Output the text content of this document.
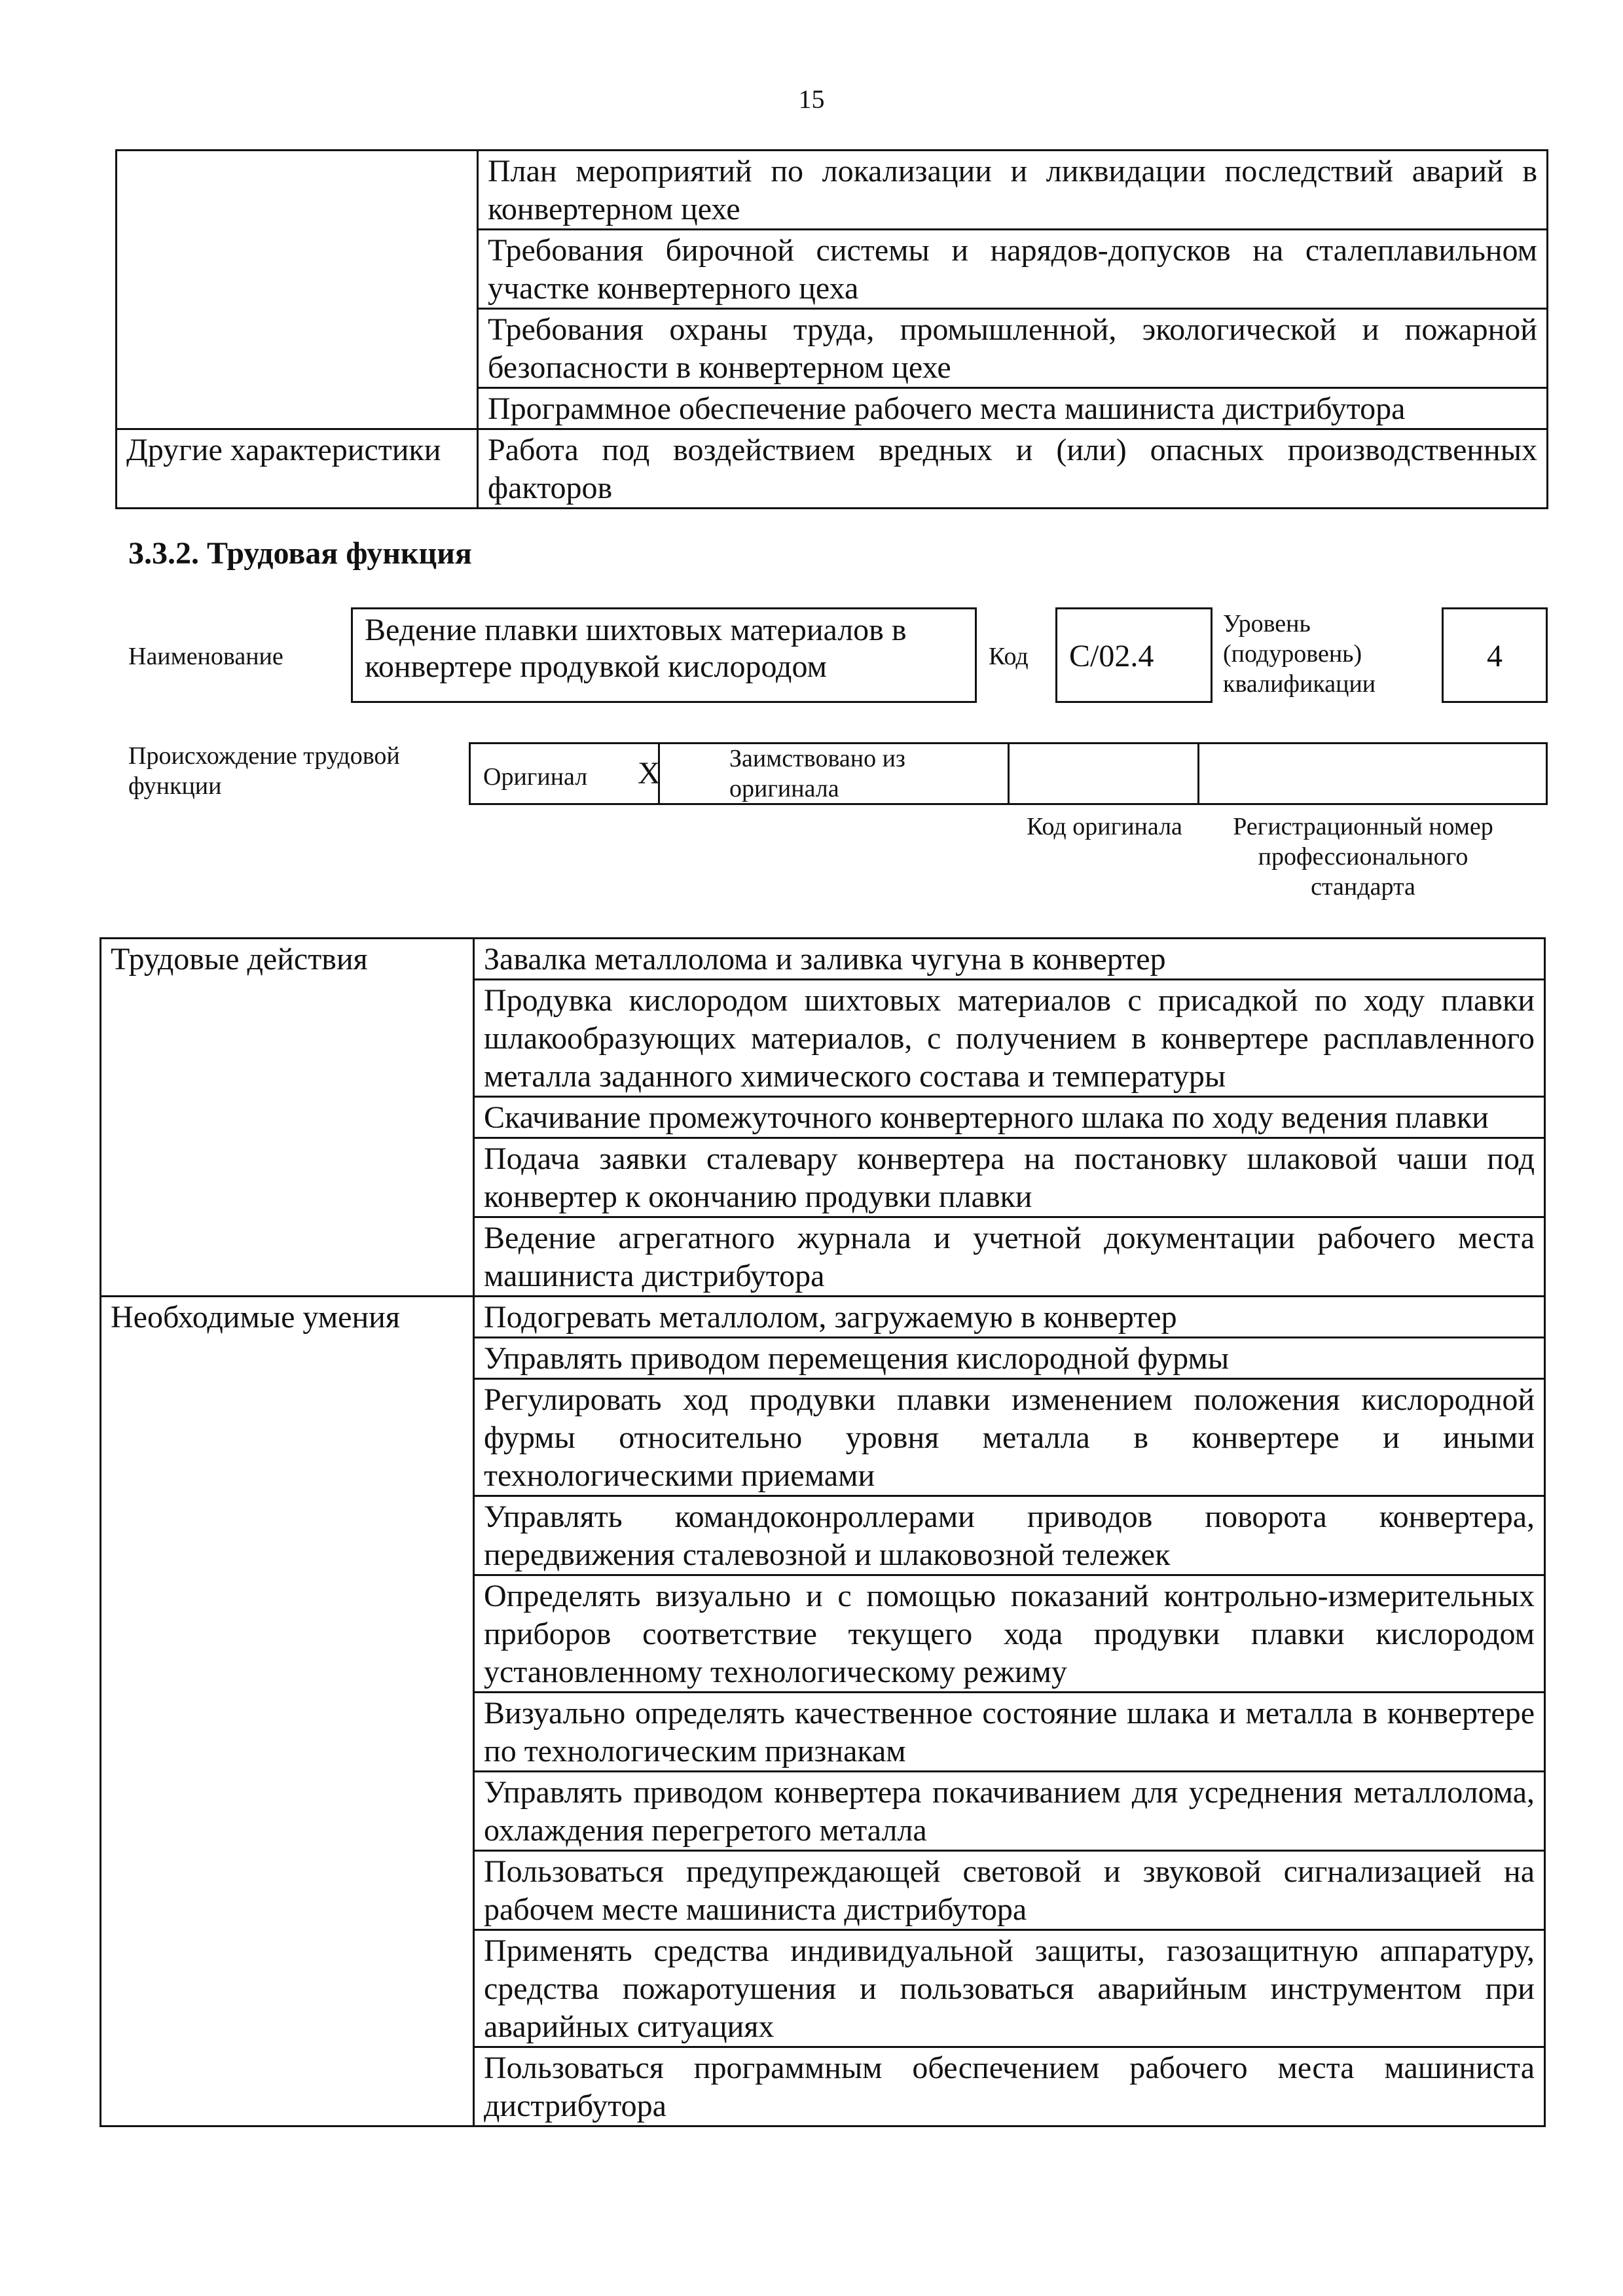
15
	План мероприятий по локализации и ликвидации последствий аварий в конвертерном цехе
	Требования бирочной системы и нарядов-допусков на сталеплавильном участке конвертерного цеха
	Требования охраны труда, промышленной, экологической и пожарной безопасности в конвертерном цехе
	Программное обеспечение рабочего места машиниста дистрибутора
Другие характеристики	Работа под воздействием вредных и (или) опасных производственных факторов
3.3.2. Трудовая функция
Наименование
Ведение плавки шихтовых материалов в конвертере продувкой кислородом	Код	C/02.4
Уровень (подуровень) квалификации
4
Происхождение трудовой функции	Оригинал X	Заимствовано из оригинала
Код оригинала	Регистрационный номер профессионального стандарта
Трудовые действия	Завалка металлолома и заливка чугуна в конвертер
	Продувка кислородом шихтовых материалов с присадкой по ходу плавки шлакообразующих материалов, с получением в конвертере расплавленного металла заданного химического состава и температуры
	Скачивание промежуточного конвертерного шлака по ходу ведения плавки
	Подача заявки сталевару конвертера на постановку шлаковой чаши под конвертер к окончанию продувки плавки
	Ведение агрегатного журнала и учетной документации рабочего места машиниста дистрибутора
Необходимые умения	Подогревать металлолом, загружаемую в конвертер
	Управлять приводом перемещения кислородной фурмы
	Регулировать ход продувки плавки изменением положения кислородной фурмы относительно уровня металла в конвертере и иными технологическими приемами
	Управлять командоконроллерами приводов поворота конвертера, передвижения сталевозной и шлаковозной тележек
	Определять визуально и с помощью показаний контрольно-измерительных приборов соответствие текущего хода продувки плавки кислородом установленному технологическому режиму
	Визуально определять качественное состояние шлака и металла в конвертере по технологическим признакам
	Управлять приводом конвертера покачиванием для усреднения металлолома, охлаждения перегретого металла
	Пользоваться предупреждающей световой и звуковой сигнализацией на рабочем месте машиниста дистрибутора
	Применять средства индивидуальной защиты, газозащитную аппаратуру, средства пожаротушения и пользоваться аварийным инструментом при аварийных ситуациях
	Пользоваться программным обеспечением рабочего места машиниста дистрибутора
